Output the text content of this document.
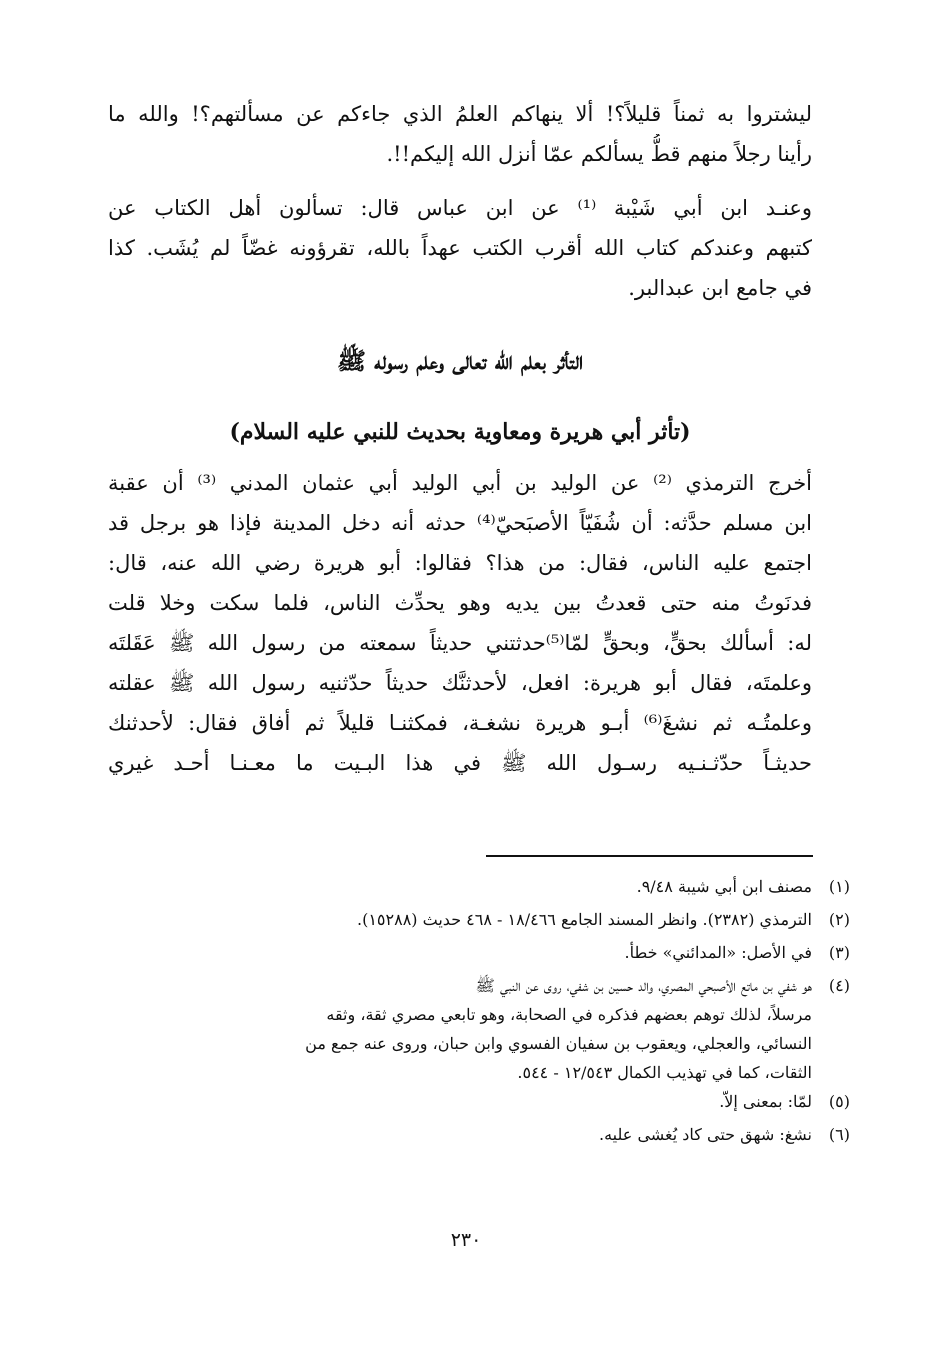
ليشتروا به ثمناً قليلاً؟! ألا ينهاكم العلمُ الذي جاءكم عن مسألتهم؟! والله ما
رأينا رجلاً منهم قطُّ يسألكم عمّا أنزل الله إليكم!!.
وعنـد ابن أبي شَيْبة ⁽¹⁾ عن ابن عباس قال: تسألون أهل الكتاب عن
كتبهم وعندكم كتاب الله أقرب الكتب عهداً بالله، تقرؤونه غضّاً لم يُشَب. كذا
في جامع ابن عبدالبر.
التأثر بعلم الله تعالى وعلم رسوله ﷺ
(تأثر أبي هريرة ومعاوية بحديث للنبي عليه السلام)
أخرج الترمذي ⁽²⁾ عن الوليد بن أبي الوليد أبي عثمان المدني ⁽³⁾ أن عقبة
ابن مسلم حدَّثه: أن شُفَيّاً الأصبَحيّ⁽⁴⁾ حدثه أنه دخل المدينة فإذا هو برجل قد
اجتمع عليه الناس، فقال: من هذا؟ فقالوا: أبو هريرة رضي الله عنه، قال:
فدنَوتُ منه حتى قعدتُ بين يديه وهو يحدِّث الناس، فلما سكت وخلا قلت
له: أسألك بحقٍّ، وبحقٍّ لمّا⁽⁵⁾حدثتني حديثاً سمعته من رسول الله ﷺ عَقَلتَه
وعلمتَه، فقال أبو هريرة: افعل، لأحدثنَّك حديثاً حدّثنيه رسول الله ﷺ عقلته
وعلمتُـه ثم نشغَ⁽⁶⁾ أبـو هريرة نشغـة، فمكثنـا قليلاً ثم أفاق فقال: لأحدثنك
حديثـاً حدّثـنـيه رسـول الله ﷺ في هذا البـيت ما معـنـا أحـد غيري
(١)
مصنف ابن أبي شيبة ٩/٤٨.
(٢)
الترمذي (٢٣٨٢). وانظر المسند الجامع ١٨/٤٦٦ - ٤٦٨ حديث (١٥٢٨٨).
(٣)
في الأصل: «المدائني» خطأ.
(٤)
هو شفي بن ماتع الأصبحي المصري، والد حسين بن شفي، روى عن النبي ﷺ
مرسلاً، لذلك توهم بعضهم فذكره في الصحابة، وهو تابعي مصري ثقة، وثقه
النسائي، والعجلي، ويعقوب بن سفيان الفسوي وابن حبان، وروى عنه جمع من
الثقات، كما في تهذيب الكمال ١٢/٥٤٣ - ٥٤٤.
(٥)
لمّا: بمعنى إلاّ.
(٦)
نشغ: شهق حتى كاد يُغشى عليه.
٢٣٠
